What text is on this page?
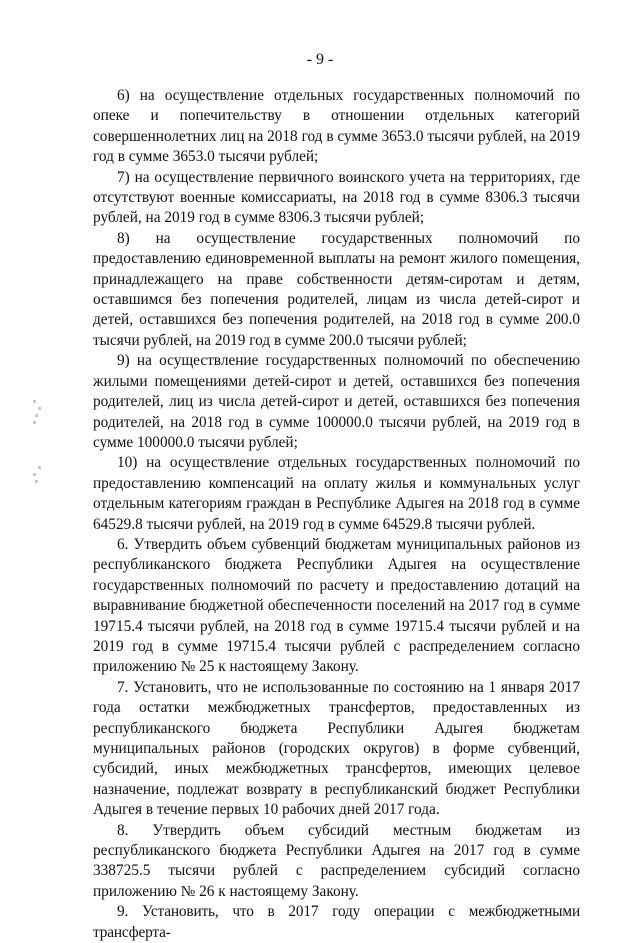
- 9 -

6) на осуществление отдельных государственных полномочий по опеке и попечительству в отношении отдельных категорий совершеннолетних лиц на 2018 год в сумме 3653.0 тысячи рублей, на 2019 год в сумме 3653.0 тысячи рублей;

7) на осуществление первичного воинского учета на территориях, где отсутствуют военные комиссариаты, на 2018 год в сумме 8306.3 тысячи рублей, на 2019 год в сумме 8306.3 тысячи рублей;

8) на осуществление государственных полномочий по предоставлению единовременной выплаты на ремонт жилого помещения, принадлежащего на праве собственности детям-сиротам и детям, оставшимся без попечения родителей, лицам из числа детей-сирот и детей, оставшихся без попечения родителей, на 2018 год в сумме 200.0 тысячи рублей, на 2019 год в сумме 200.0 тысячи рублей;

9) на осуществление государственных полномочий по обеспечению жилыми помещениями детей-сирот и детей, оставшихся без попечения родителей, лиц из числа детей-сирот и детей, оставшихся без попечения родителей, на 2018 год в сумме 100000.0 тысячи рублей, на 2019 год в сумме 100000.0 тысячи рублей;

10) на осуществление отдельных государственных полномочий по предоставлению компенсаций на оплату жилья и коммунальных услуг отдельным категориям граждан в Республике Адыгея на 2018 год в сумме 64529.8 тысячи рублей, на 2019 год в сумме 64529.8 тысячи рублей.

6. Утвердить объем субвенций бюджетам муниципальных районов из республиканского бюджета Республики Адыгея на осуществление государственных полномочий по расчету и предоставлению дотаций на выравнивание бюджетной обеспеченности поселений на 2017 год в сумме 19715.4 тысячи рублей, на 2018 год в сумме 19715.4 тысячи рублей и на 2019 год в сумме 19715.4 тысячи рублей с распределением согласно приложению № 25 к настоящему Закону.

7. Установить, что не использованные по состоянию на 1 января 2017 года остатки межбюджетных трансфертов, предоставленных из республиканского бюджета Республики Адыгея бюджетам муниципальных районов (городских округов) в форме субвенций, субсидий, иных межбюджетных трансфертов, имеющих целевое назначение, подлежат возврату в республиканский бюджет Республики Адыгея в течение первых 10 рабочих дней 2017 года.

8. Утвердить объем субсидий местным бюджетам из республиканского бюджета Республики Адыгея на 2017 год в сумме 338725.5 тысячи рублей с распределением субсидий согласно приложению № 26 к настоящему Закону.

9. Установить, что в 2017 году операции с межбюджетными трансферта-
